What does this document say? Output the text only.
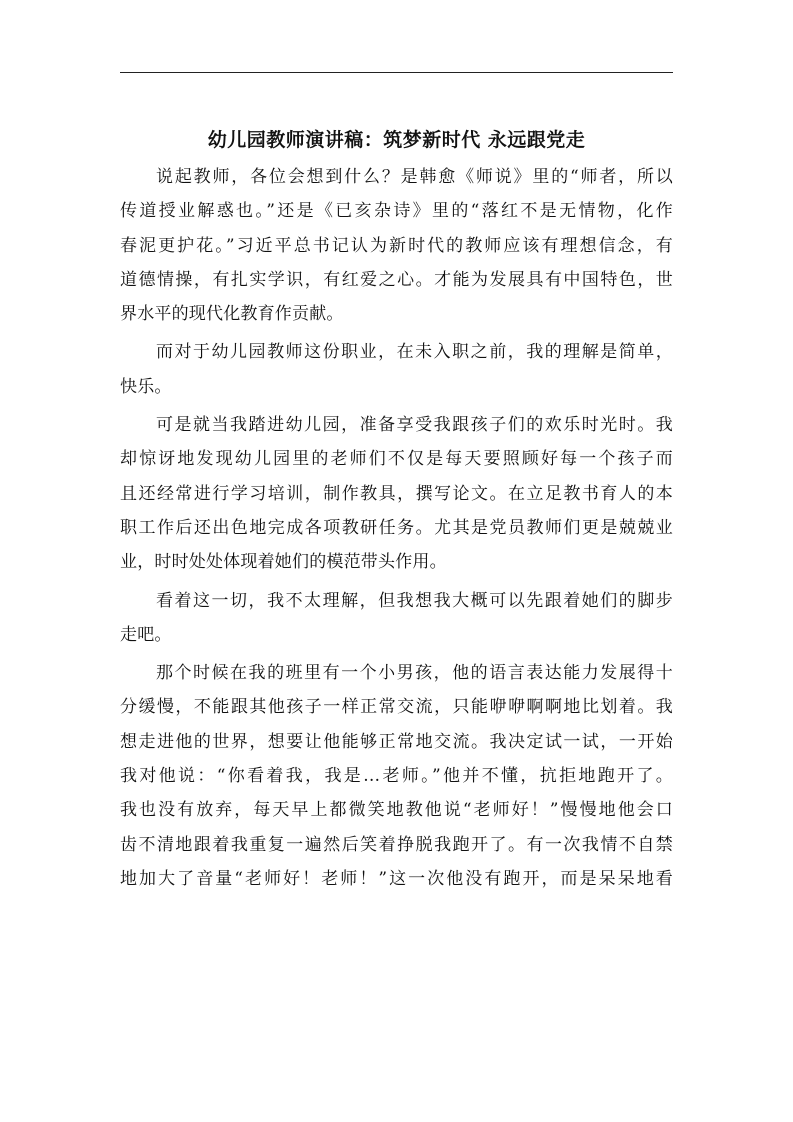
幼儿园教师演讲稿：筑梦新时代 永远跟党走
说起教师，各位会想到什么？是韩愈《师说》里的“师者，所以
传道授业解惑也。”还是《已亥杂诗》里的“落红不是无情物，化作
春泥更护花。”习近平总书记认为新时代的教师应该有理想信念，有
道德情操，有扎实学识，有红爱之心。才能为发展具有中国特色，世
界水平的现代化教育作贡献。
而对于幼儿园教师这份职业，在未入职之前，我的理解是简单，
快乐。
可是就当我踏进幼儿园，准备享受我跟孩子们的欢乐时光时。我
却惊讶地发现幼儿园里的老师们不仅是每天要照顾好每一个孩子而
且还经常进行学习培训，制作教具，撰写论文。在立足教书育人的本
职工作后还出色地完成各项教研任务。尤其是党员教师们更是兢兢业
业，时时处处体现着她们的模范带头作用。
看着这一切，我不太理解，但我想我大概可以先跟着她们的脚步
走吧。
那个时候在我的班里有一个小男孩，他的语言表达能力发展得十
分缓慢，不能跟其他孩子一样正常交流，只能咿咿啊啊地比划着。我
想走进他的世界，想要让他能够正常地交流。我决定试一试，一开始
我对他说：“你看着我，我是…老师。”他并不懂，抗拒地跑开了。
我也没有放弃，每天早上都微笑地教他说“老师好！”慢慢地他会口
齿不清地跟着我重复一遍然后笑着挣脱我跑开了。有一次我情不自禁
地加大了音量“老师好！老师！”这一次他没有跑开，而是呆呆地看
